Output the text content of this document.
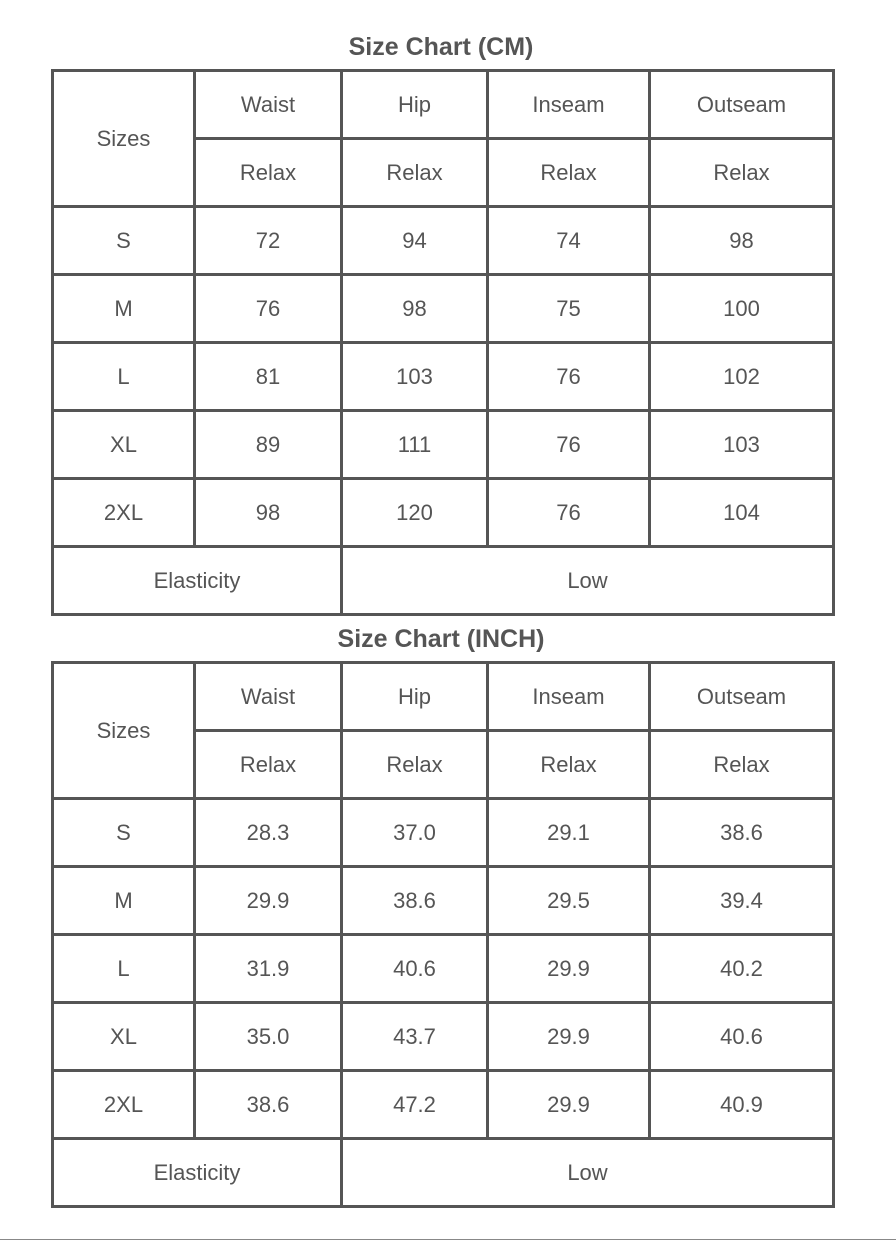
Size Chart (CM)
Sizes	Waist	Hip	Inseam	Outseam
	Relax	Relax	Relax	Relax
S	72	94	74	98
M	76	98	75	100
L	81	103	76	102
XL	89	111	76	103
2XL	98	120	76	104
Elasticity		Low		
Size Chart (INCH)
Sizes	Waist	Hip	Inseam	Outseam
	Relax	Relax	Relax	Relax
S	28.3	37.0	29.1	38.6
M	29.9	38.6	29.5	39.4
L	31.9	40.6	29.9	40.2
XL	35.0	43.7	29.9	40.6
2XL	38.6	47.2	29.9	40.9
Elasticity		Low		
